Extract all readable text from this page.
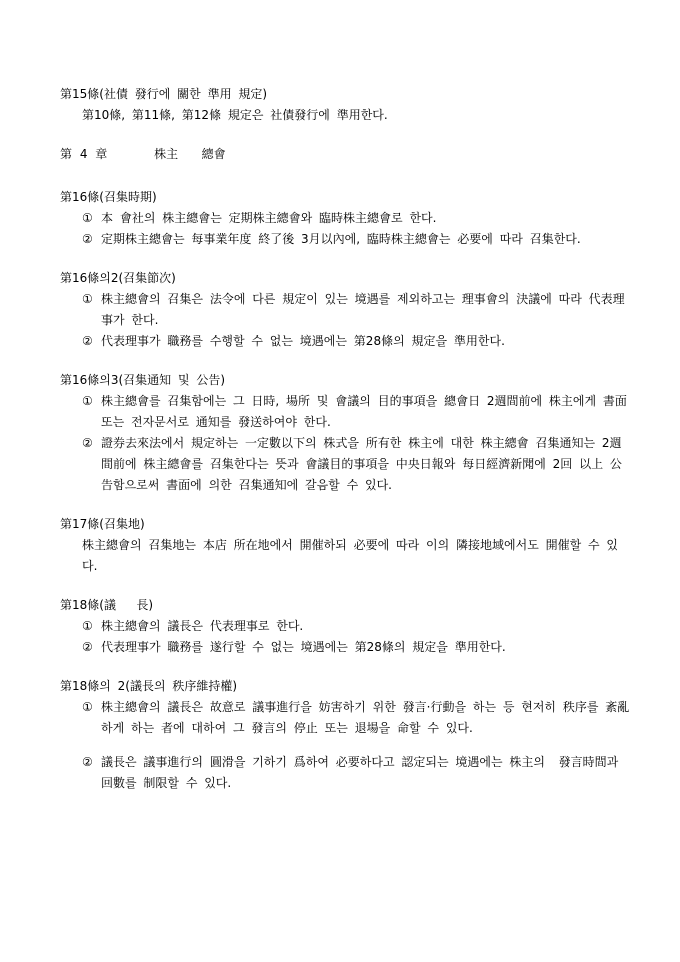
第15條(社債 發行에 關한 準用 規定)
第10條, 第11條, 第12條 規定은 社債發行에 準用한다.
第 4 章      株主   總會
第16條(召集時期)
① 本 會社의 株主總會는 定期株主總會와 臨時株主總會로 한다.
② 定期株主總會는 每事業年度 終了後 3月以內에, 臨時株主總會는 必要에 따라 召集한다.
第16條의2(召集節次)
① 株主總會의 召集은 法令에 다른 規定이 있는 境遇를 제외하고는 理事會의 決議에 따라 代表理事가 한다.
② 代表理事가 職務를 수행할 수 없는 境遇에는 第28條의 規定을 準用한다.
第16條의3(召集通知 및 公告)
① 株主總會를 召集함에는 그 日時, 場所 및 會議의 目的事項을 總會日 2週間前에 株主에게 書面 또는 전자문서로 通知를 發送하여야 한다.
② 證券去來法에서 規定하는 一定數以下의 株式을 所有한 株主에 대한 株主總會 召集通知는 2週間前에 株主總會를 召集한다는 뜻과 會議目的事項을 中央日報와 每日經濟新聞에 2回 以上 公告함으로써 書面에 의한 召集通知에 갈음할 수 있다.
第17條(召集地)
株主總會의 召集地는 本店 所在地에서 開催하되 必要에 따라 이의 隣接地域에서도 開催할 수 있다.
第18條(議   長)
① 株主總會의 議長은 代表理事로 한다.
② 代表理事가 職務를 遂行할 수 없는 境遇에는 第28條의 規定을 準用한다.
第18條의 2(議長의 秩序維持權)
① 株主總會의 議長은 故意로 議事進行을 妨害하기 위한 發言·行動을 하는 등 현저히 秩序를 紊亂하게 하는 者에 대하여 그 發言의 停止 또는 退場을 命할 수 있다.
② 議長은 議事進行의 圓滑을 기하기 爲하여 必要하다고 認定되는 境遇에는 株主의  發言時間과 回數를 制限할 수 있다.
